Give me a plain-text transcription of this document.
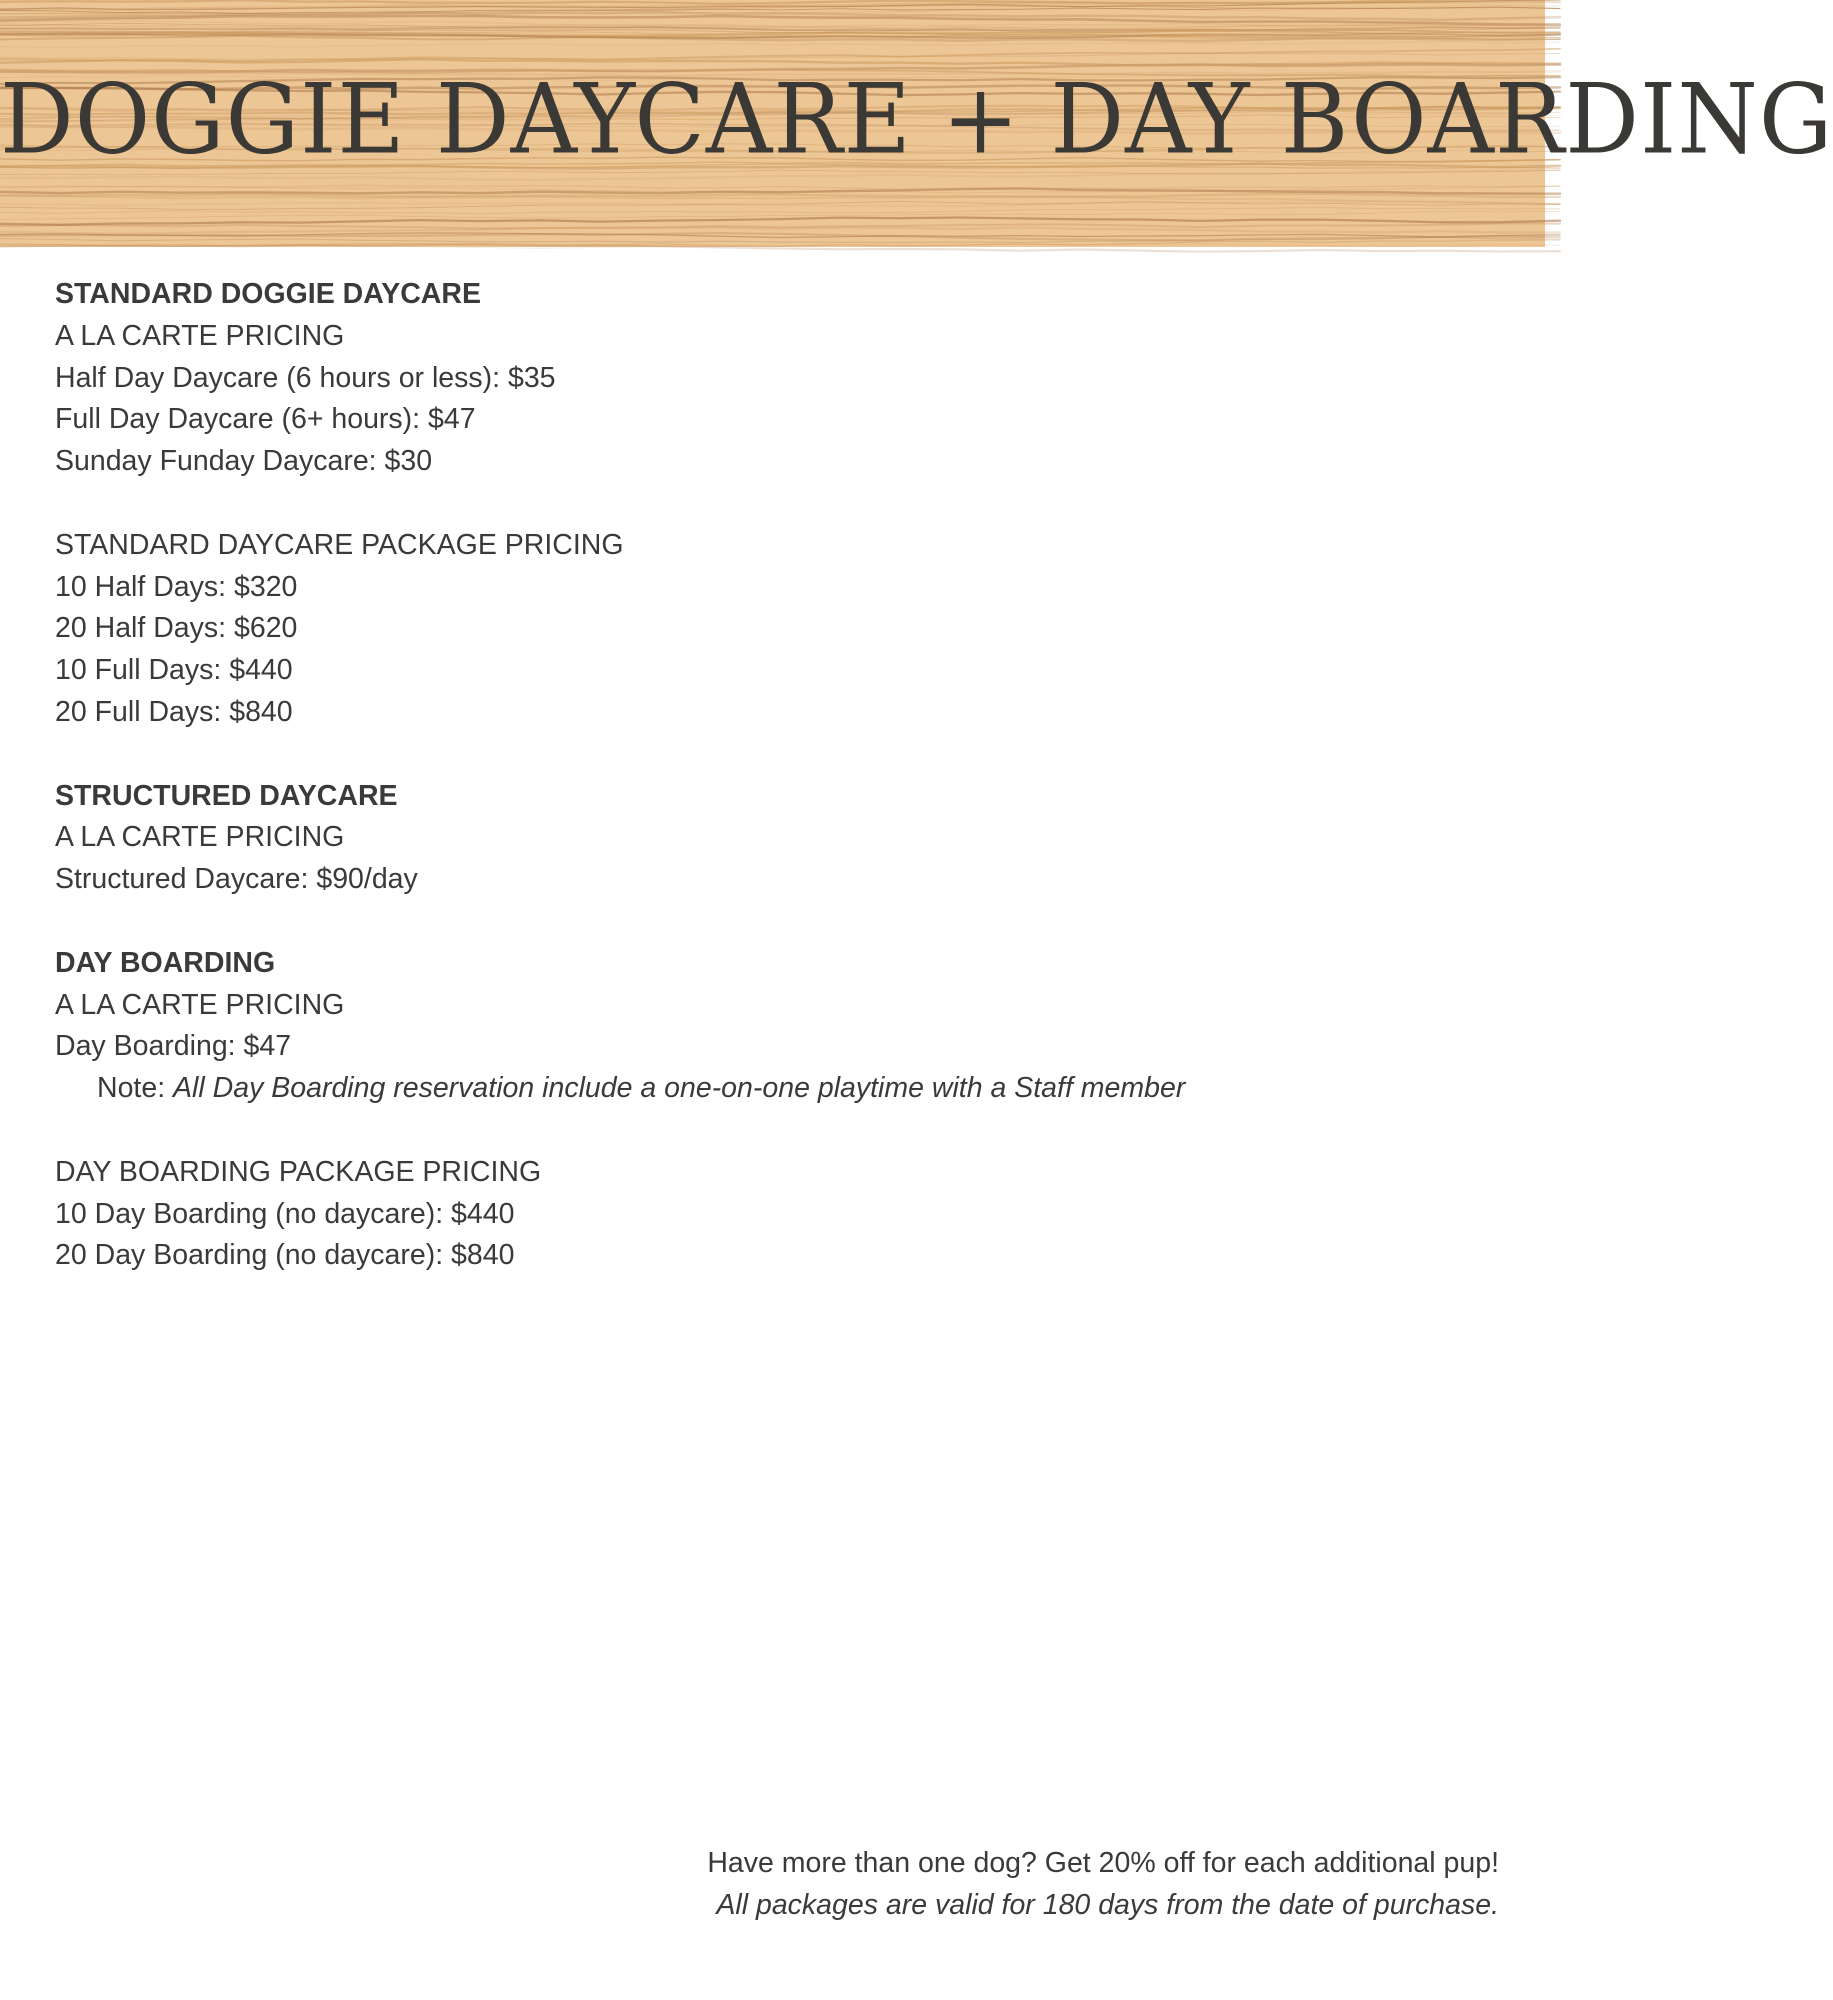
DOGGIE DAYCARE + DAY BOARDING
STANDARD DOGGIE DAYCARE
A LA CARTE PRICING
Half Day Daycare (6 hours or less): $35
Full Day Daycare (6+ hours): $47
Sunday Funday Daycare: $30
STANDARD DAYCARE PACKAGE PRICING
10 Half Days: $320
20 Half Days: $620
10 Full Days: $440
20 Full Days: $840
STRUCTURED DAYCARE
A LA CARTE PRICING
Structured Daycare: $90/day
DAY BOARDING
A LA CARTE PRICING
Day Boarding: $47
Note: All Day Boarding reservation include a one-on-one playtime with a Staff member
DAY BOARDING PACKAGE PRICING
10 Day Boarding (no daycare): $440
20 Day Boarding (no daycare): $840
Have more than one dog? Get 20% off for each additional pup!
All packages are valid for 180 days from the date of purchase.
